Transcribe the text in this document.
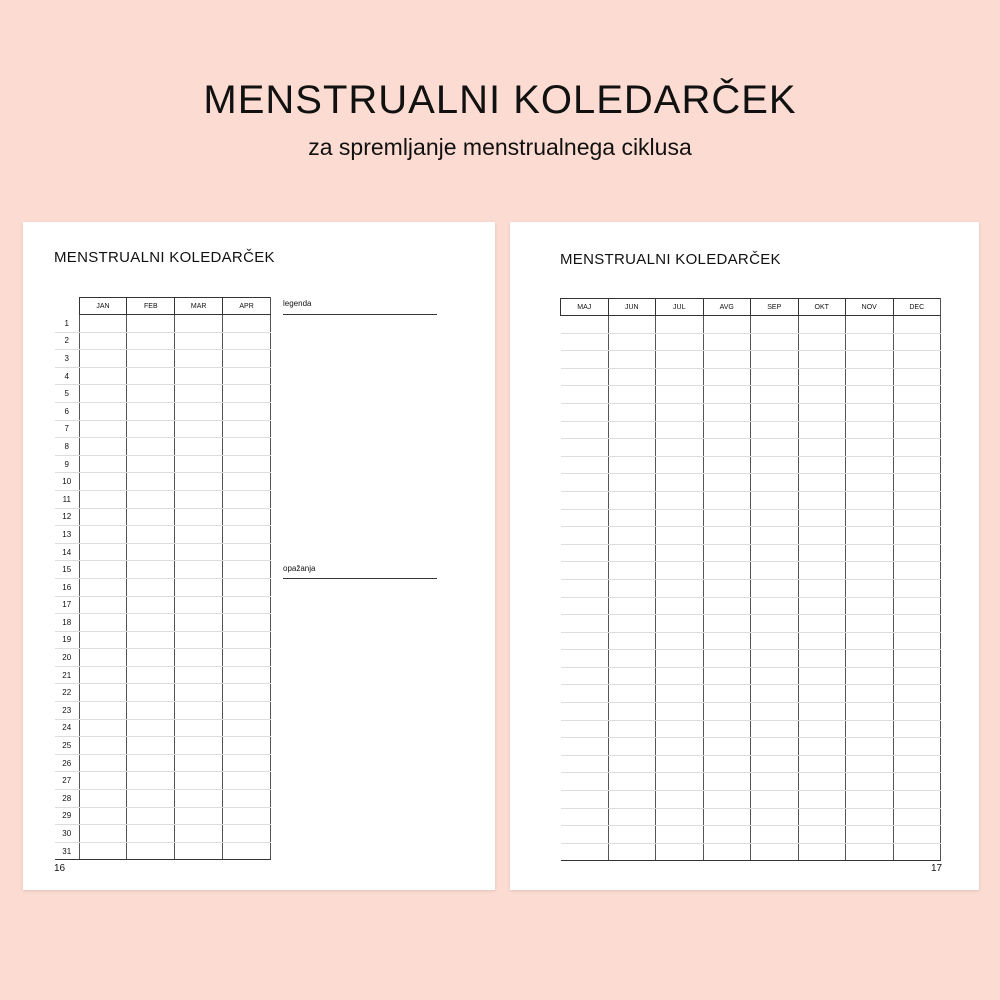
MENSTRUALNI KOLEDARČEK
za spremljanje menstrualnega ciklusa
MENSTRUALNI KOLEDARČEK
	JAN	FEB	MAR	APR
1				
2				
3				
4				
5				
6				
7				
8				
9				
10				
11				
12				
13				
14				
15				
16				
17				
18				
19				
20				
21				
22				
23				
24				
25				
26				
27				
28				
29				
30				
31				
legenda
opažanja
16
MENSTRUALNI KOLEDARČEK
MAJ	JUN	JUL	AVG	SEP	OKT	NOV	DEC

17
